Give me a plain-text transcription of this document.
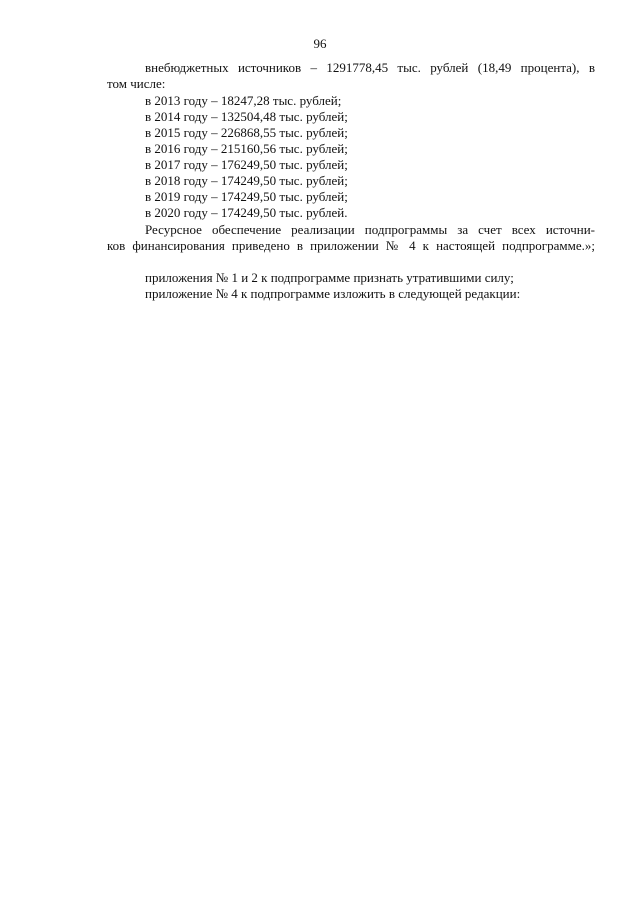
96
внебюджетных источников – 1291778,45 тыс. рублей (18,49 процента), в
том числе:
в 2013 году – 18247,28 тыс. рублей;
в 2014 году – 132504,48 тыс. рублей;
в 2015 году – 226868,55 тыс. рублей;
в 2016 году – 215160,56 тыс. рублей;
в 2017 году – 176249,50 тыс. рублей;
в 2018 году – 174249,50 тыс. рублей;
в 2019 году – 174249,50 тыс. рублей;
в 2020 году – 174249,50 тыс. рублей.
Ресурсное обеспечение реализации подпрограммы за счет всех источни-
ков финансирования приведено в приложении № 4 к настоящей подпрограмме.»;
приложения № 1 и 2 к подпрограмме признать утратившими силу;
приложение № 4 к подпрограмме изложить в следующей редакции:
